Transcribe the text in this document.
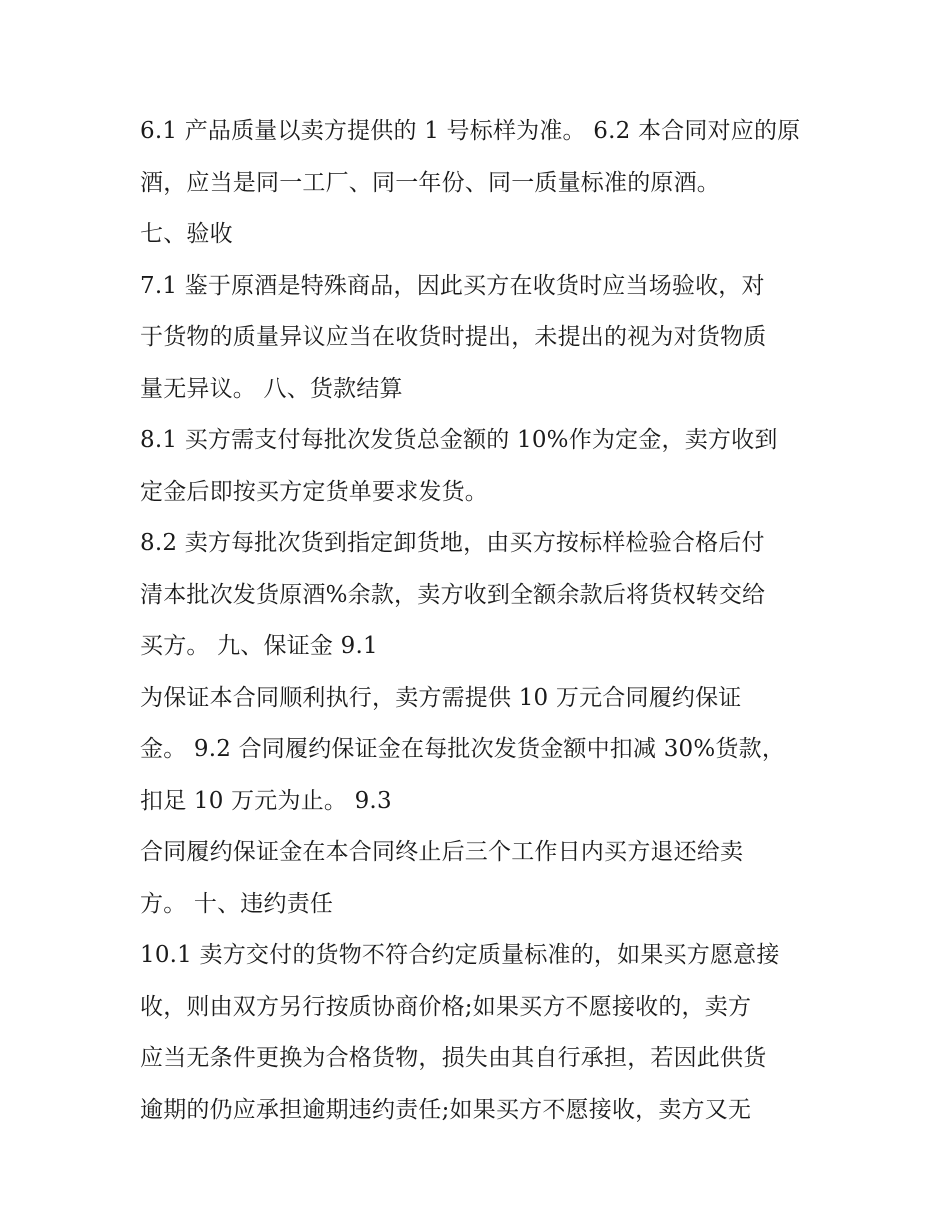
6.1 产品质量以卖方提供的 1 号标样为准。 6.2 本合同对应的原
酒，应当是同一工厂、同一年份、同一质量标准的原酒。
七、验收
7.1 鉴于原酒是特殊商品，因此买方在收货时应当场验收，对
于货物的质量异议应当在收货时提出，未提出的视为对货物质
量无异议。 八、货款结算
8.1 买方需支付每批次发货总金额的 10%作为定金，卖方收到
定金后即按买方定货单要求发货。
8.2 卖方每批次货到指定卸货地，由买方按标样检验合格后付
清本批次发货原酒%余款，卖方收到全额余款后将货权转交给
买方。 九、保证金 9.1
为保证本合同顺利执行，卖方需提供 10 万元合同履约保证
金。 9.2 合同履约保证金在每批次发货金额中扣减 30%货款，
扣足 10 万元为止。 9.3
合同履约保证金在本合同终止后三个工作日内买方退还给卖
方。 十、违约责任
10.1 卖方交付的货物不符合约定质量标准的，如果买方愿意接
收，则由双方另行按质协商价格;如果买方不愿接收的，卖方
应当无条件更换为合格货物，损失由其自行承担，若因此供货
逾期的仍应承担逾期违约责任;如果买方不愿接收，卖方又无
